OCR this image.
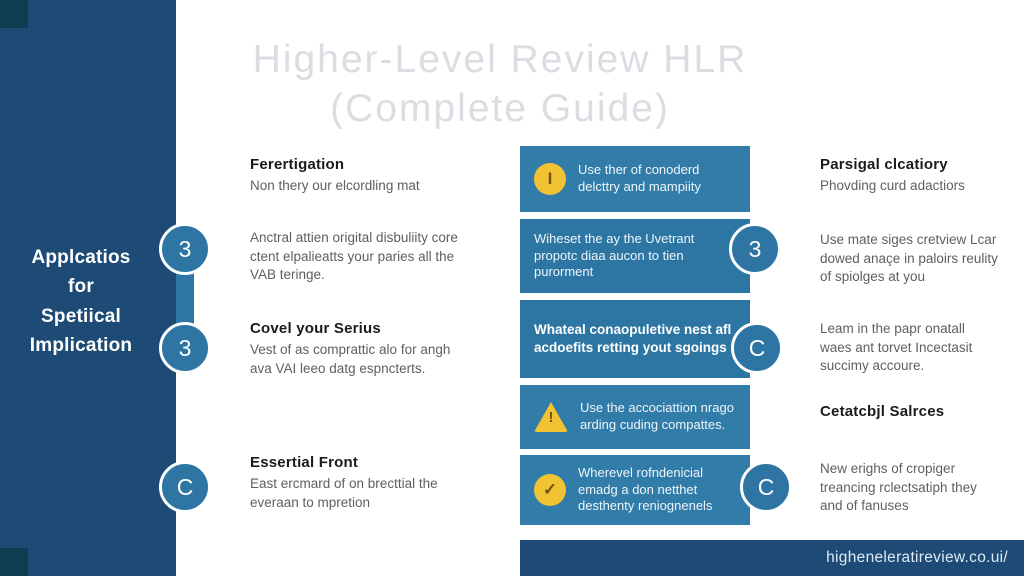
Applcatios
for
Spetiical
Implication
Higher-Level Review HLR
(Complete Guide)
3
3
C
Ferertigation

Non thery our elcordling mat

Anctral attien origital disbuliity core ctent elpalieatts your paries all the VAB teringe.

Covel your Serius

Vest of as comprattic alo for angh ava VAI leeo datg espncterts.

Essertial Front

East ercmard of on brecttial the everaan to mpretion

I	Use ther of conoderd delcttry and mampiity
Wiheset the ay the Uvetrant propotc diaa aucon to tien purorment
Whateal conaopuletive nest afl acdoefits retting yout sgoings
!
Use the accociattion nrago arding cuding compattes.
✓
Wherevel rofndenicial emadg a don netthet desthenty reniognenels
3
C
C
Parsigal clcatiory

Phovding curd adactiors

Use mate siges cretview Lcar dowed anaçe in paloirs reulity of spiolges at you

Leam in the papr onatall waes ant torvet Incectasit succimy accoure.

Cetatcbjl Salrces

New erighs of cropiger treancing rclectsatiph they and of fanuses

higheneleratireview.co.ui/
